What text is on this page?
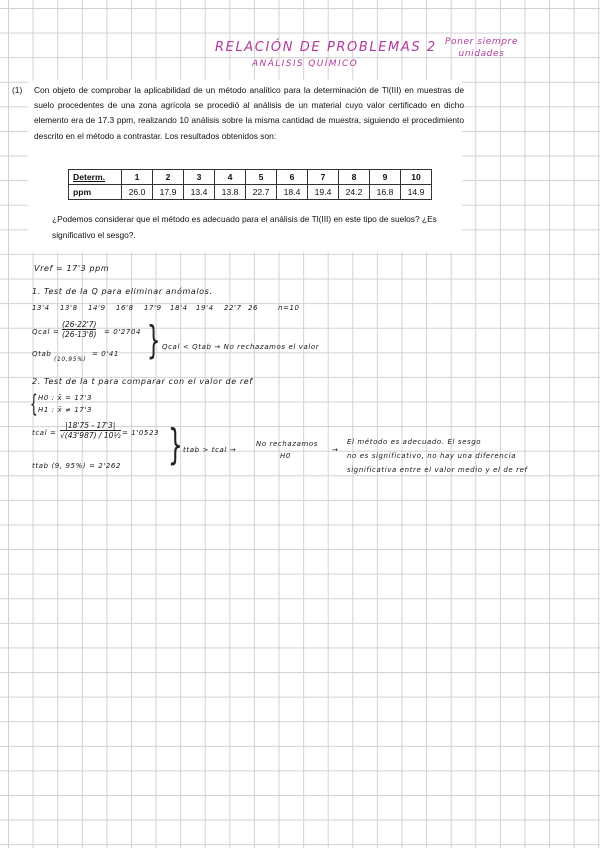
RELACIÓN DE PROBLEMAS 2
ANÁLISIS QUÍMICO
Poner siempre
unidades
(1) Con objeto de comprobar la aplicabilidad de un método analítico para la determinación de Tl(III) en muestras de suelo procedentes de una zona agrícola se procedió al análisis de un material cuyo valor certificado en dicho elemento era de 17.3 ppm, realizando 10 análisis sobre la misma cantidad de muestra, siguiendo el procedimiento descrito en el método a contrastar. Los resultados obtenidos son:
Determ.	1	2	3	4	5	6	7	8	9	10
ppm	26.0	17.9	13.4	13.8	22.7	18.4	19.4	24.2	16.8	14.9
¿Podemos considerar que el método es adecuado para el análisis de Tl(III) en este tipo de suelos? ¿Es significativo el sesgo?.
Vref = 17'3 ppm
1. Test de la Q para eliminar anómalos.
13'4 13'8 14'9 16'8 17'9 18'4 19'4 22'7 26	n=10
Qcal =
(26-22'7)
(26-13'8) = 0'2704
Qtab
(10,95%)
= 0'41 } Qcal < Qtab → No rechazamos el valor
2. Test de la t para comparar con el valor de ref
{ H0 : x̄ = 17'3
H1 : x̄ ≠ 17'3
tcal =
|18'75 - 17'3|
√(43'987) / 10½ = 1'0523
ttab (9, 95%) = 2'262 } ttab > tcal →
No rechazamos
H0
→
El método es adecuado. El sesgo
no es significativo, no hay una diferencia
significativa entre el valor medio y el de ref
